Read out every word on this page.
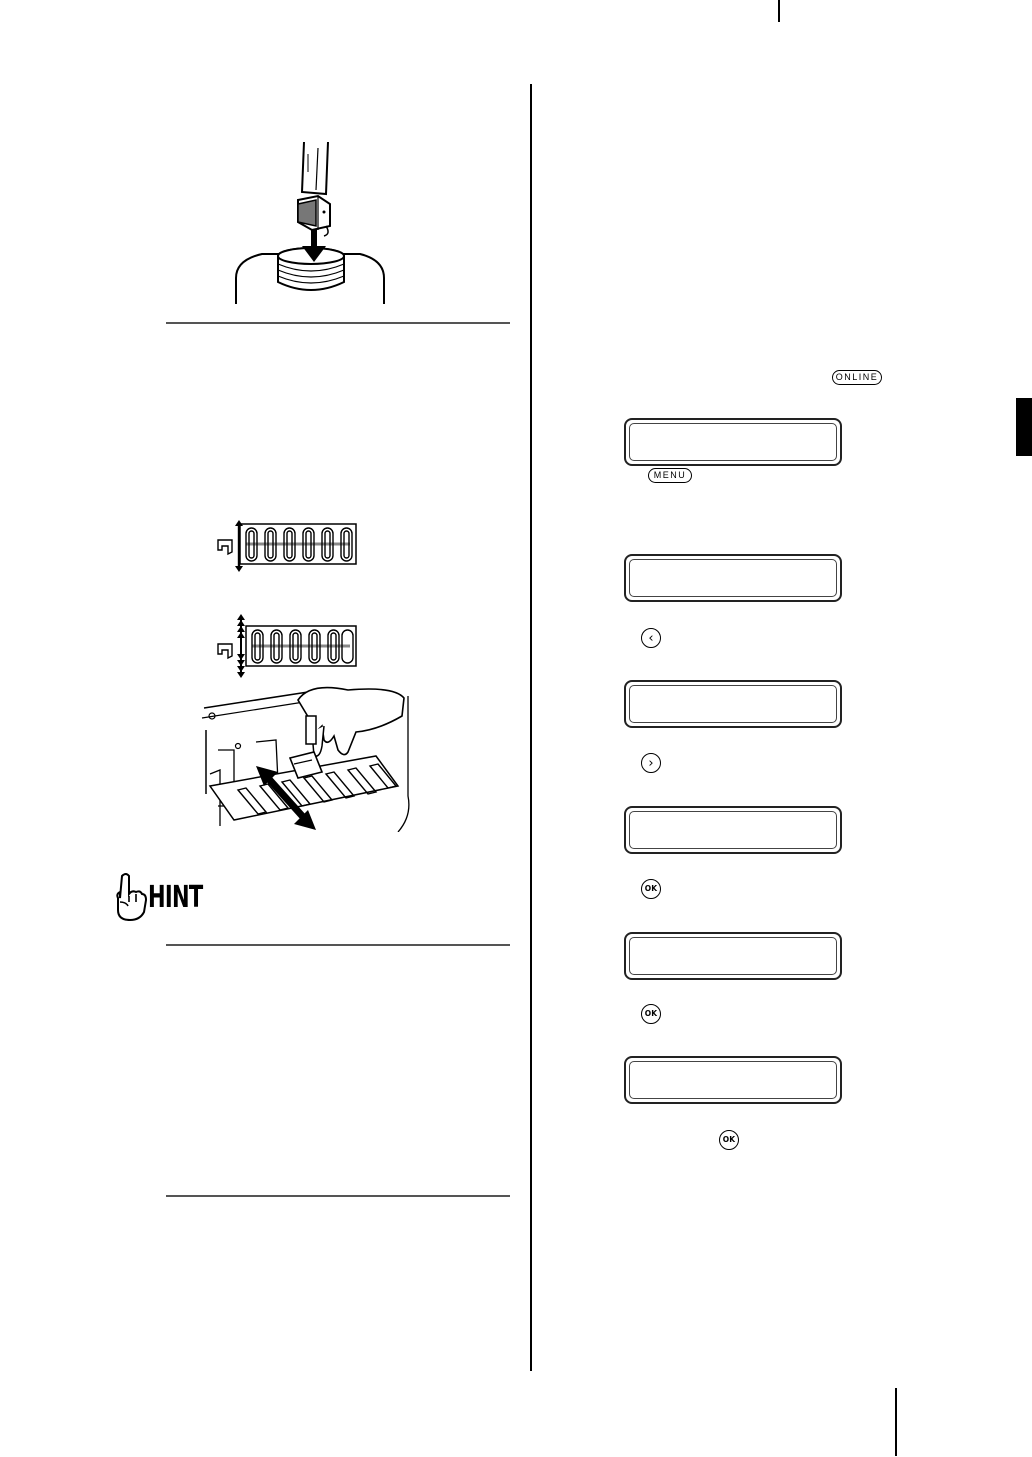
HINT
ONLINE
MENU
‹
›
OK
OK
OK
